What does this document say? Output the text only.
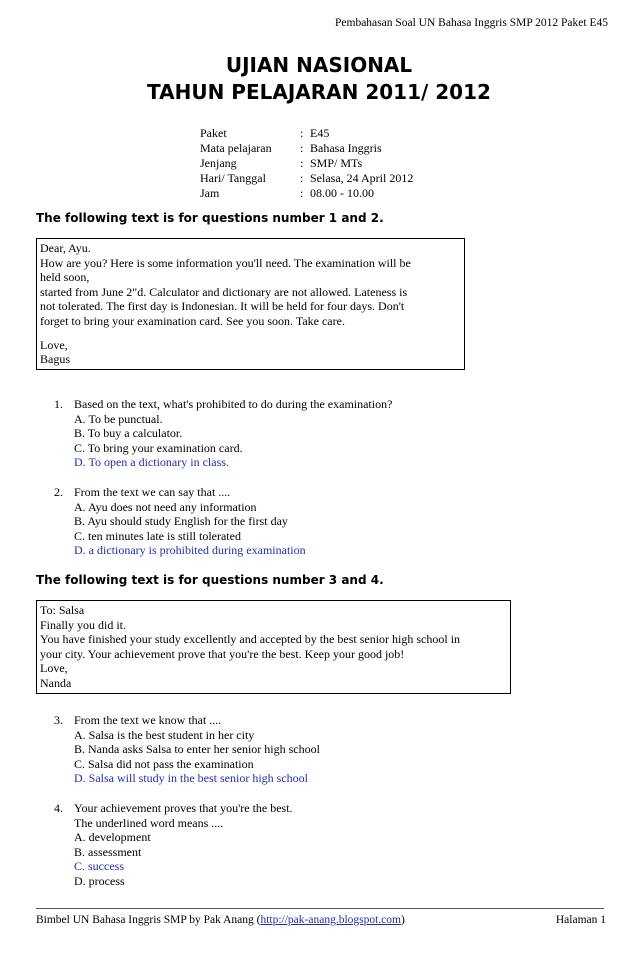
Pembahasan Soal UN Bahasa Inggris SMP 2012 Paket E45
UJIAN NASIONAL
TAHUN PELAJARAN 2011/ 2012
Paket	: E45
Mata pelajaran	: Bahasa Inggris
Jenjang	: SMP/ MTs
Hari/ Tanggal	: Selasa, 24 April 2012
Jam	: 08.00 - 10.00
The following text is for questions number 1 and 2.

Dear, Ayu.

How are you? Here is some information you'll need. The examination will be

held soon,

started from June 2"d. Calculator and dictionary are not allowed. Lateness is

not tolerated. The first day is Indonesian. It will be held for four days. Don't

forget to bring your examination card. See you soon. Take care.

Love,

Bagus

1. Based on the text, what's prohibited to do during the examination?
A. To be punctual.
B. To buy a calculator.
C. To bring your examination card.
D. To open a dictionary in class.
2. From the text we can say that ....
A. Ayu does not need any information
B. Ayu should study English for the first day
C. ten minutes late is still tolerated
D. a dictionary is prohibited during examination
The following text is for questions number 3 and 4.

To: Salsa

Finally you did it.

You have finished your study excellently and accepted by the best senior high school in

your city. Your achievement prove that you're the best. Keep your good job!

Love,

Nanda

3. From the text we know that ....
A. Salsa is the best student in her city
B. Nanda asks Salsa to enter her senior high school
C. Salsa did not pass the examination
D. Salsa will study in the best senior high school
4. Your achievement proves that you're the best.
The underlined word means ....
A. development
B. assessment
C. success
D. process
Bimbel UN Bahasa Inggris SMP by Pak Anang (http://pak-anang.blogspot.com)	Halaman 1
